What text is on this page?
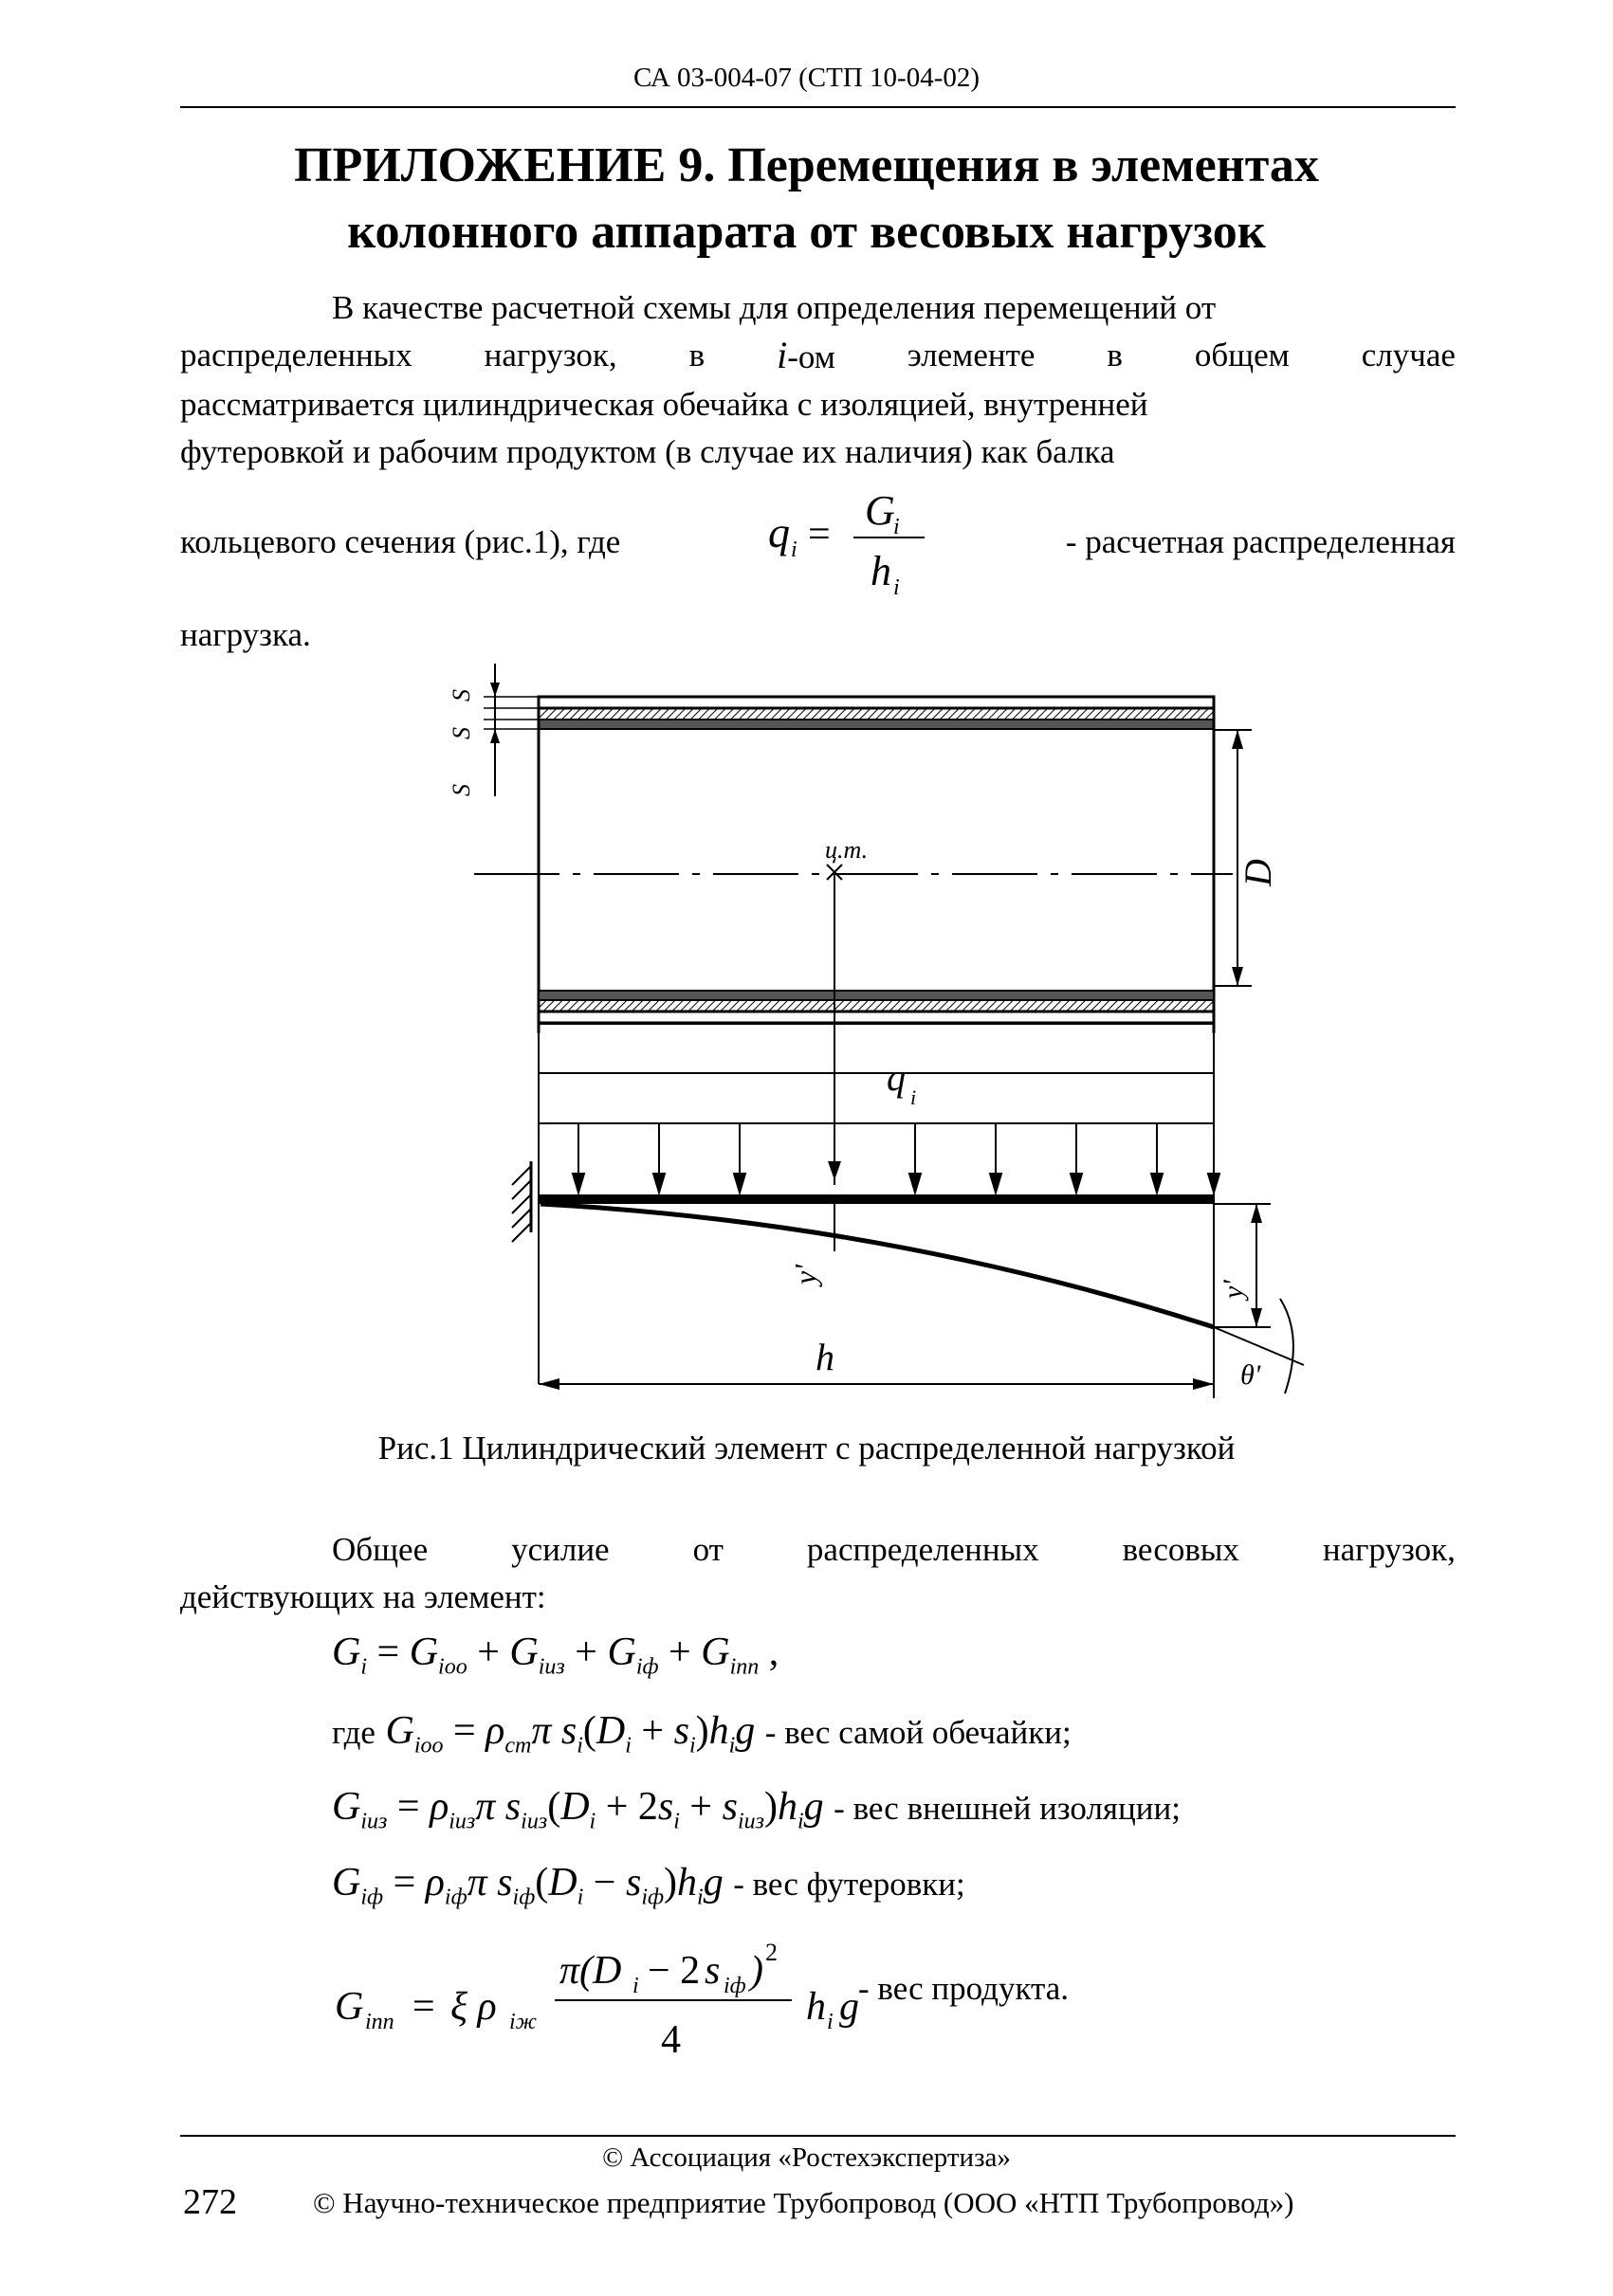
СА 03-004-07 (СТП 10-04-02)
ПРИЛОЖЕНИЕ 9. Перемещения в элементах
колонного аппарата от весовых нагрузок
В качестве расчетной схемы для определения перемещений от
распределенных нагрузок, в i-ом элементе в общем случае
рассматривается цилиндрическая обечайка с изоляцией, внутренней
футеровкой и рабочим продуктом (в случае их наличия) как балка
кольцевого сечения (рис.1), где	q i =
G
i
h i
- расчетная распределенная
нагрузка.
ц.т.
q i
y'
D
y'
θ'
h
S
S
S
Рис.1 Цилиндрический элемент с распределенной нагрузкой
Общее	усилие	от	распределенных	весовых	нагрузок,
действующих на элемент:
$G_i = G_{ioo} + G_{iиз} + G_{iф} + G_{inn}$ ,
где $G_{ioo} = \rho_{cm}\pi$ $s_i(D_i + s_i)h_ig$ - вес самой обечайки;
$G_{iиз} = \rho_{iиз}\pi$ $s_{iиз}(D_i + 2s_i + s_{iиз})h_ig$ - вес внешней изоляции;
$G_{iф} = \rho_{iф}\pi$ $s_{iф}(D_i - s_{iф})h_ig$ - вес футеровки;
G inn = ξ ρ iж
π(D i − 2 s iф ) 2
4
h i g - вес продукта.
© Ассоциация «Ростехэкспертиза»
272	© Научно-техническое предприятие Трубопровод (ООО «НТП Трубопровод»)
